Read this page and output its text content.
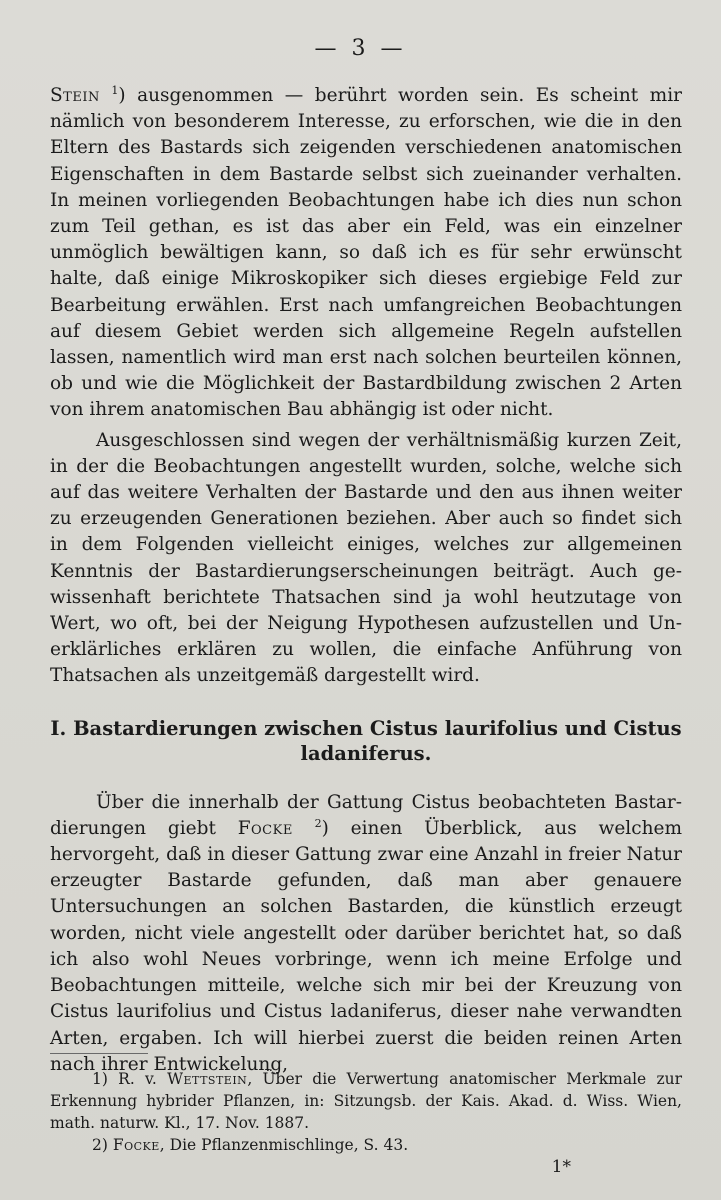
— 3 —

Stein $^1$) ausgenommen — berührt worden sein. Es scheint mir nämlich von besonderem Interesse, zu erforschen, wie die in den Eltern des Bastards sich zeigenden verschiedenen anatomischen Eigenschaften in dem Bastarde selbst sich zueinander verhalten. In meinen vorliegenden Beobachtungen habe ich dies nun schon zum Teil gethan, es ist das aber ein Feld, was ein einzelner unmöglich bewältigen kann, so daß ich es für sehr erwünscht halte, daß einige Mikroskopiker sich dieses ergiebige Feld zur Bearbeitung erwählen. Erst nach umfangreichen Beobachtungen auf diesem Gebiet werden sich allgemeine Regeln aufstellen lassen, namentlich wird man erst nach solchen beurteilen können, ob und wie die Möglichkeit der Bastardbildung zwischen 2 Arten von ihrem anatomischen Bau abhängig ist oder nicht.

Ausgeschlossen sind wegen der verhältnismäßig kurzen Zeit, in der die Beobachtungen angestellt wurden, solche, welche sich auf das weitere Verhalten der Bastarde und den aus ihnen weiter zu erzeugenden Generationen beziehen. Aber auch so findet sich in dem Folgenden vielleicht einiges, welches zur allgemeinen Kenntnis der Bastardierungserscheinungen beiträgt. Auch gewissenhaft berichtete Thatsachen sind ja wohl heutzutage von Wert, wo oft, bei der Neigung Hypothesen aufzustellen und Unerklärliches erklären zu wollen, die einfache Anführung von Thatsachen als unzeitgemäß dargestellt wird.

I. Bastardierungen zwischen Cistus laurifolius und Cistus ladaniferus.

Über die innerhalb der Gattung Cistus beobachteten Bastardierungen giebt Focke $^2$) einen Überblick, aus welchem hervorgeht, daß in dieser Gattung zwar eine Anzahl in freier Natur erzeugter Bastarde gefunden, daß man aber genauere Untersuchungen an solchen Bastarden, die künstlich erzeugt worden, nicht viele angestellt oder darüber berichtet hat, so daß ich also wohl Neues vorbringe, wenn ich meine Erfolge und Beobachtungen mitteile, welche sich mir bei der Kreuzung von Cistus laurifolius und Cistus ladaniferus, dieser nahe verwandten Arten, ergaben. Ich will hierbei zuerst die beiden reinen Arten nach ihrer Entwickelung,

1) R. v. Wettstein, Über die Verwertung anatomischer Merkmale zur Erkennung hybrider Pflanzen, in: Sitzungsb. der Kais. Akad. d. Wiss. Wien, math. naturw. Kl., 17. Nov. 1887.
2) Focke, Die Pflanzenmischlinge, S. 43.
1*
